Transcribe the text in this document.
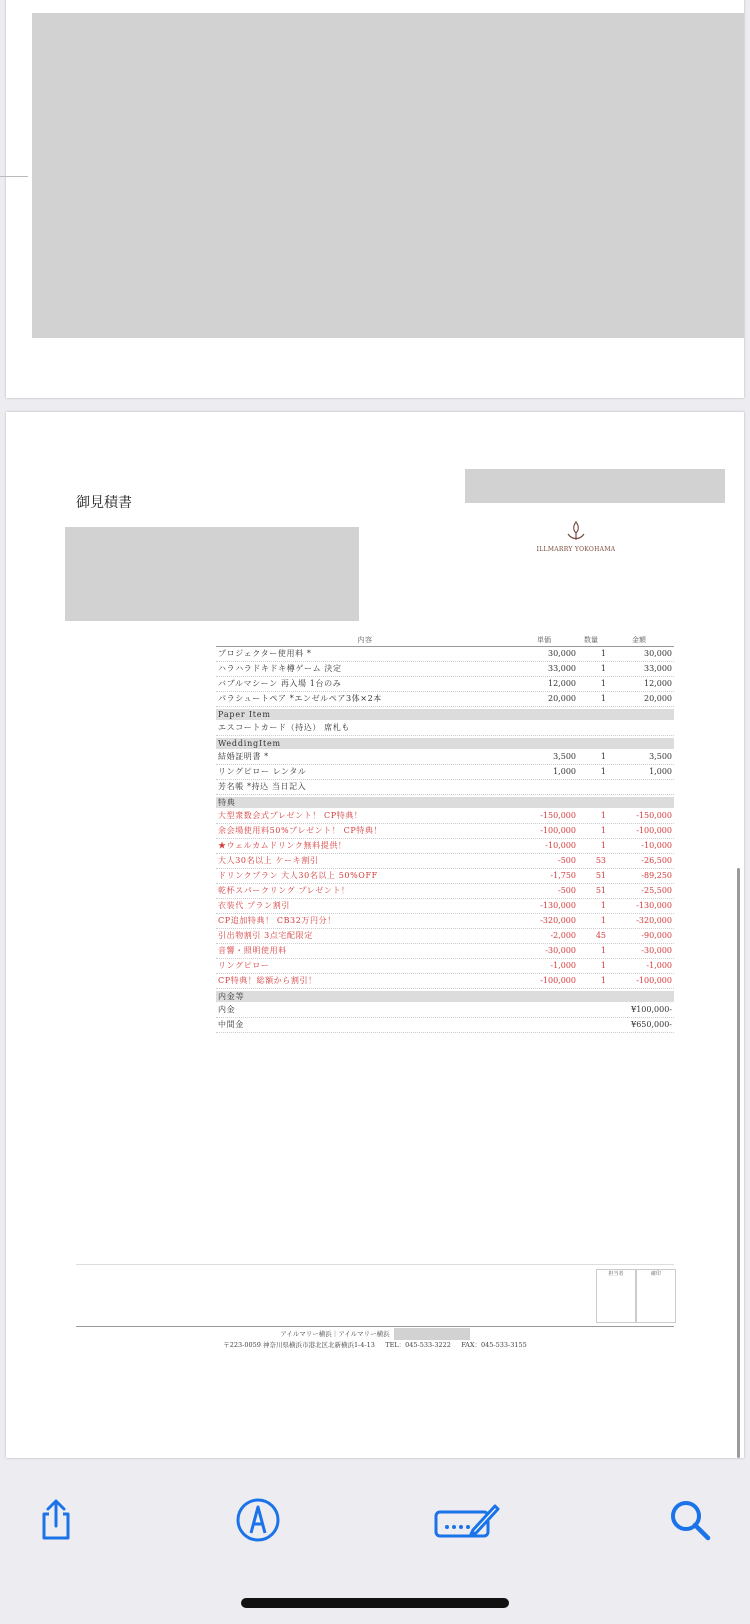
御見積書
ILLMARRY YOKOHAMA
内容	単価	数量	金額
プロジェクター使用料 *	30,000	1	30,000
ハラハラドキドキ樽ゲーム 決定	33,000	1	33,000
バブルマシーン 再入場 1台のみ	12,000	1	12,000
パラシュートペア *エンゼルペア3体×2本	20,000	1	20,000
Paper Item
エスコートカード（持込） 席札も
WeddingItem
結婚証明書 *	3,500	1	3,500
リングピロー レンタル	1,000	1	1,000
芳名帳 *持込 当日記入
特典
大型衆数会式プレゼント！ CP特典！	-150,000	1	-150,000
余会場使用料50%プレゼント！ CP特典！	-100,000	1	-100,000
★ウェルカムドリンク無料提供！	-10,000	1	-10,000
大人30名以上 ケーキ割引	-500	53	-26,500
ドリンクプラン 大人30名以上 50%OFF	-1,750	51	-89,250
乾杯スパークリング プレゼント！	-500	51	-25,500
衣装代 プラン割引	-130,000	1	-130,000
CP追加特典！ CB32万円分！	-320,000	1	-320,000
引出物割引 3点宅配限定	-2,000	45	-90,000
音響・照明使用料	-30,000	1	-30,000
リングピロー	-1,000	1	-1,000
CP特典！総額から割引！	-100,000	1	-100,000
内金等
内金	¥100,000-
中間金	¥650,000-
担当者	確印
アイルマリー横浜｜アイルマリー横浜
〒223-0059 神奈川県横浜市港北区北新横浜1-4-13 TEL：045-533-3222 FAX：045-533-3155
